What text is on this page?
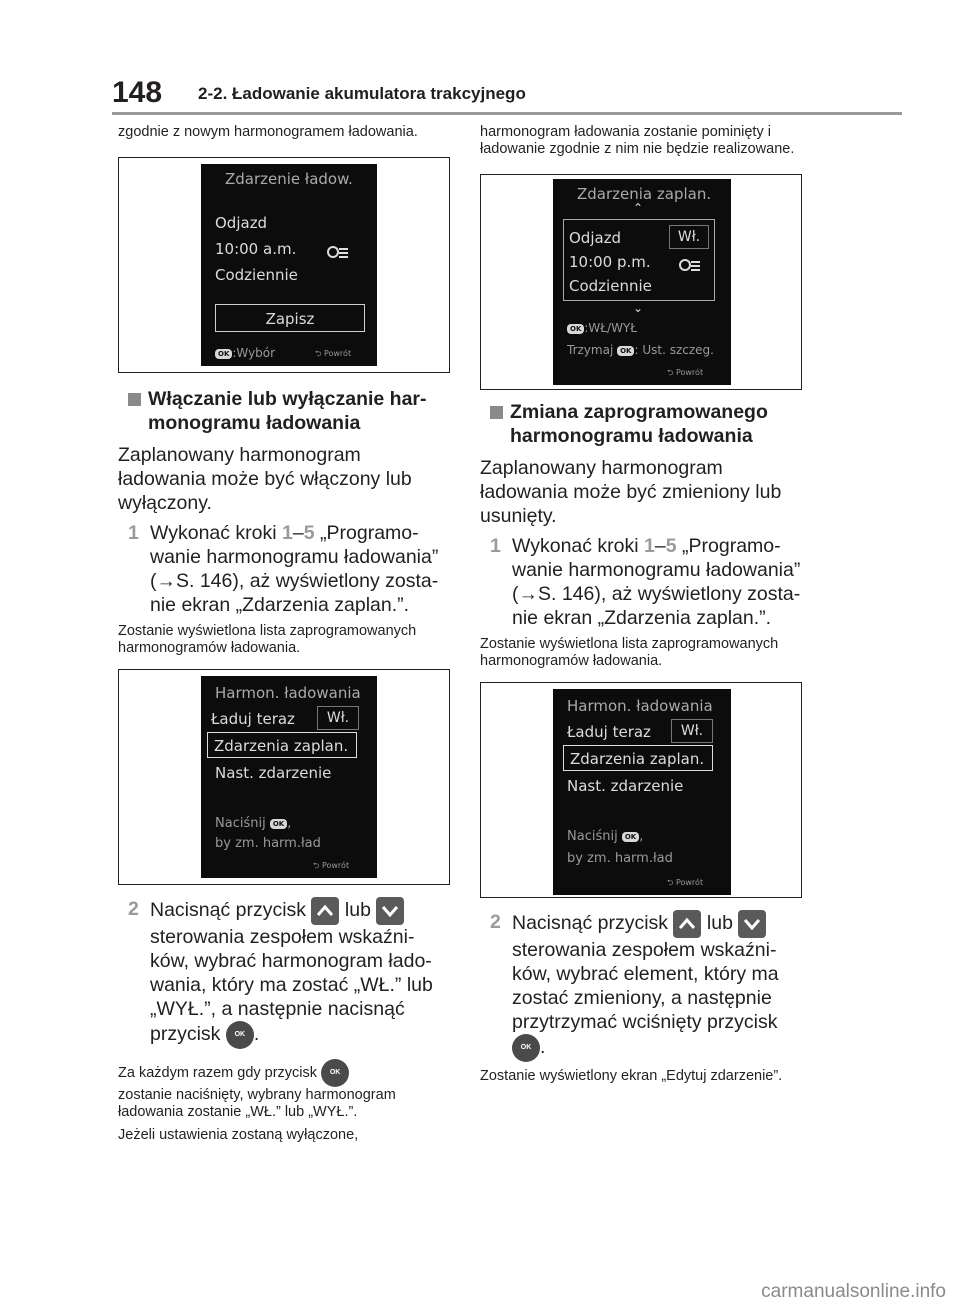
148 2-2. Ładowanie akumulatora trakcyjnego

zgodnie z nowym harmonogramem ładowania.

Zdarzenie ładow.
Odjazd
10:00 a.m.
Codziennie
Zapisz
OK :Wybór	⮌ Powrót

Włączanie lub wyłączanie har-
monogramu ładowania

Zaplanowany harmonogram ładowania może być włączony lub wyłączony.

1 Wykonać kroki 1–5 „Programo-
wanie harmonogramu ładowania”
(→S. 146), aż wyświetlony zosta-
nie ekran „Zdarzenia zaplan.”.

Zostanie wyświetlona lista zaprogramowanych harmonogramów ładowania.

Harmon. ładowania
Ładuj teraz	Wł.
Zdarzenia zaplan.
Nast. zdarzenie
Naciśnij OK ,
by zm. harm.ład
⮌ Powrót
2 Nacisnąć przycisk lub

sterowania zespołem wskaźni-
ków, wybrać harmonogram łado-
wania, który ma zostać „WŁ.” lub
„WYŁ.”, a następnie nacisnąć
przycisk OK .

Za każdym razem gdy przycisk OK
zostanie naciśnięty, wybrany harmonogram ładowania zostanie „WŁ.” lub „WYŁ.”.

Jeżeli ustawienia zostaną wyłączone,

harmonogram ładowania zostanie pominięty i ładowanie zgodnie z nim nie będzie realizowane.

Zdarzenia zaplan.
⌃
Odjazd	Wł.
10:00 p.m.
Codziennie
⌄
OK :WŁ/WYŁ
Trzymaj OK : Ust. szczeg.
⮌ Powrót

Zmiana zaprogramowanego
harmonogramu ładowania

Zaplanowany harmonogram ładowania może być zmieniony lub usunięty.

1 Wykonać kroki 1–5 „Programo-
wanie harmonogramu ładowania”
(→S. 146), aż wyświetlony zosta-
nie ekran „Zdarzenia zaplan.”.

Zostanie wyświetlona lista zaprogramowanych harmonogramów ładowania.

Harmon. ładowania
Ładuj teraz	Wł.
Zdarzenia zaplan.
Nast. zdarzenie
Naciśnij OK ,
by zm. harm.ład
⮌ Powrót
2 Nacisnąć przycisk lub

sterowania zespołem wskaźni-
ków, wybrać element, który ma
zostać zmieniony, a następnie
przytrzymać wciśnięty przycisk
OK .

Zostanie wyświetlony ekran „Edytuj zdarzenie”.

carmanualsonline.info
